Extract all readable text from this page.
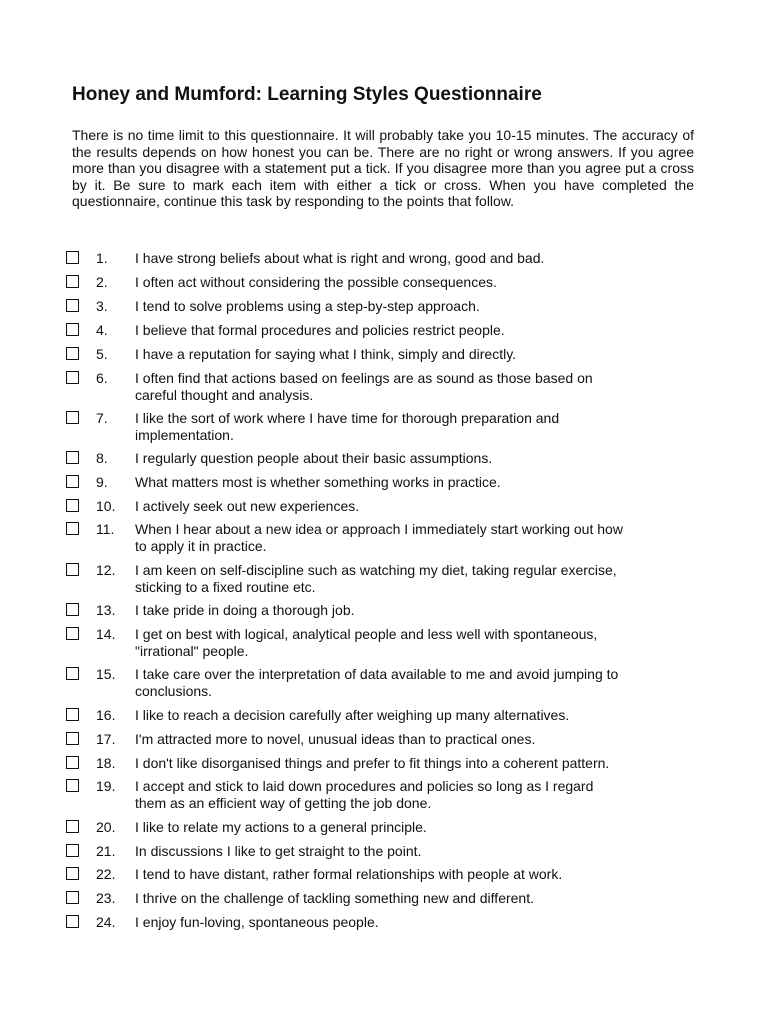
Honey and Mumford: Learning Styles Questionnaire

There is no time limit to this questionnaire. It will probably take you 10-15 minutes. The accuracy of the results depends on how honest you can be. There are no right or wrong answers. If you agree more than you disagree with a statement put a tick. If you disagree more than you agree put a cross by it. Be sure to mark each item with either a tick or cross. When you have completed the questionnaire, continue this task by responding to the points that follow.

1. I have strong beliefs about what is right and wrong, good and bad.
2. I often act without considering the possible consequences.
3. I tend to solve problems using a step-by-step approach.
4. I believe that formal procedures and policies restrict people.
5. I have a reputation for saying what I think, simply and directly.
6. I often find that actions based on feelings are as sound as those based on
careful thought and analysis.
7. I like the sort of work where I have time for thorough preparation and
implementation.
8. I regularly question people about their basic assumptions.
9. What matters most is whether something works in practice.
10. I actively seek out new experiences.
11. When I hear about a new idea or approach I immediately start working out how
to apply it in practice.
12. I am keen on self-discipline such as watching my diet, taking regular exercise,
sticking to a fixed routine etc.
13. I take pride in doing a thorough job.
14. I get on best with logical, analytical people and less well with spontaneous,
"irrational" people.
15. I take care over the interpretation of data available to me and avoid jumping to
conclusions.
16. I like to reach a decision carefully after weighing up many alternatives.
17. I'm attracted more to novel, unusual ideas than to practical ones.
18. I don't like disorganised things and prefer to fit things into a coherent pattern.
19. I accept and stick to laid down procedures and policies so long as I regard
them as an efficient way of getting the job done.
20. I like to relate my actions to a general principle.
21. In discussions I like to get straight to the point.
22. I tend to have distant, rather formal relationships with people at work.
23. I thrive on the challenge of tackling something new and different.
24. I enjoy fun-loving, spontaneous people.
